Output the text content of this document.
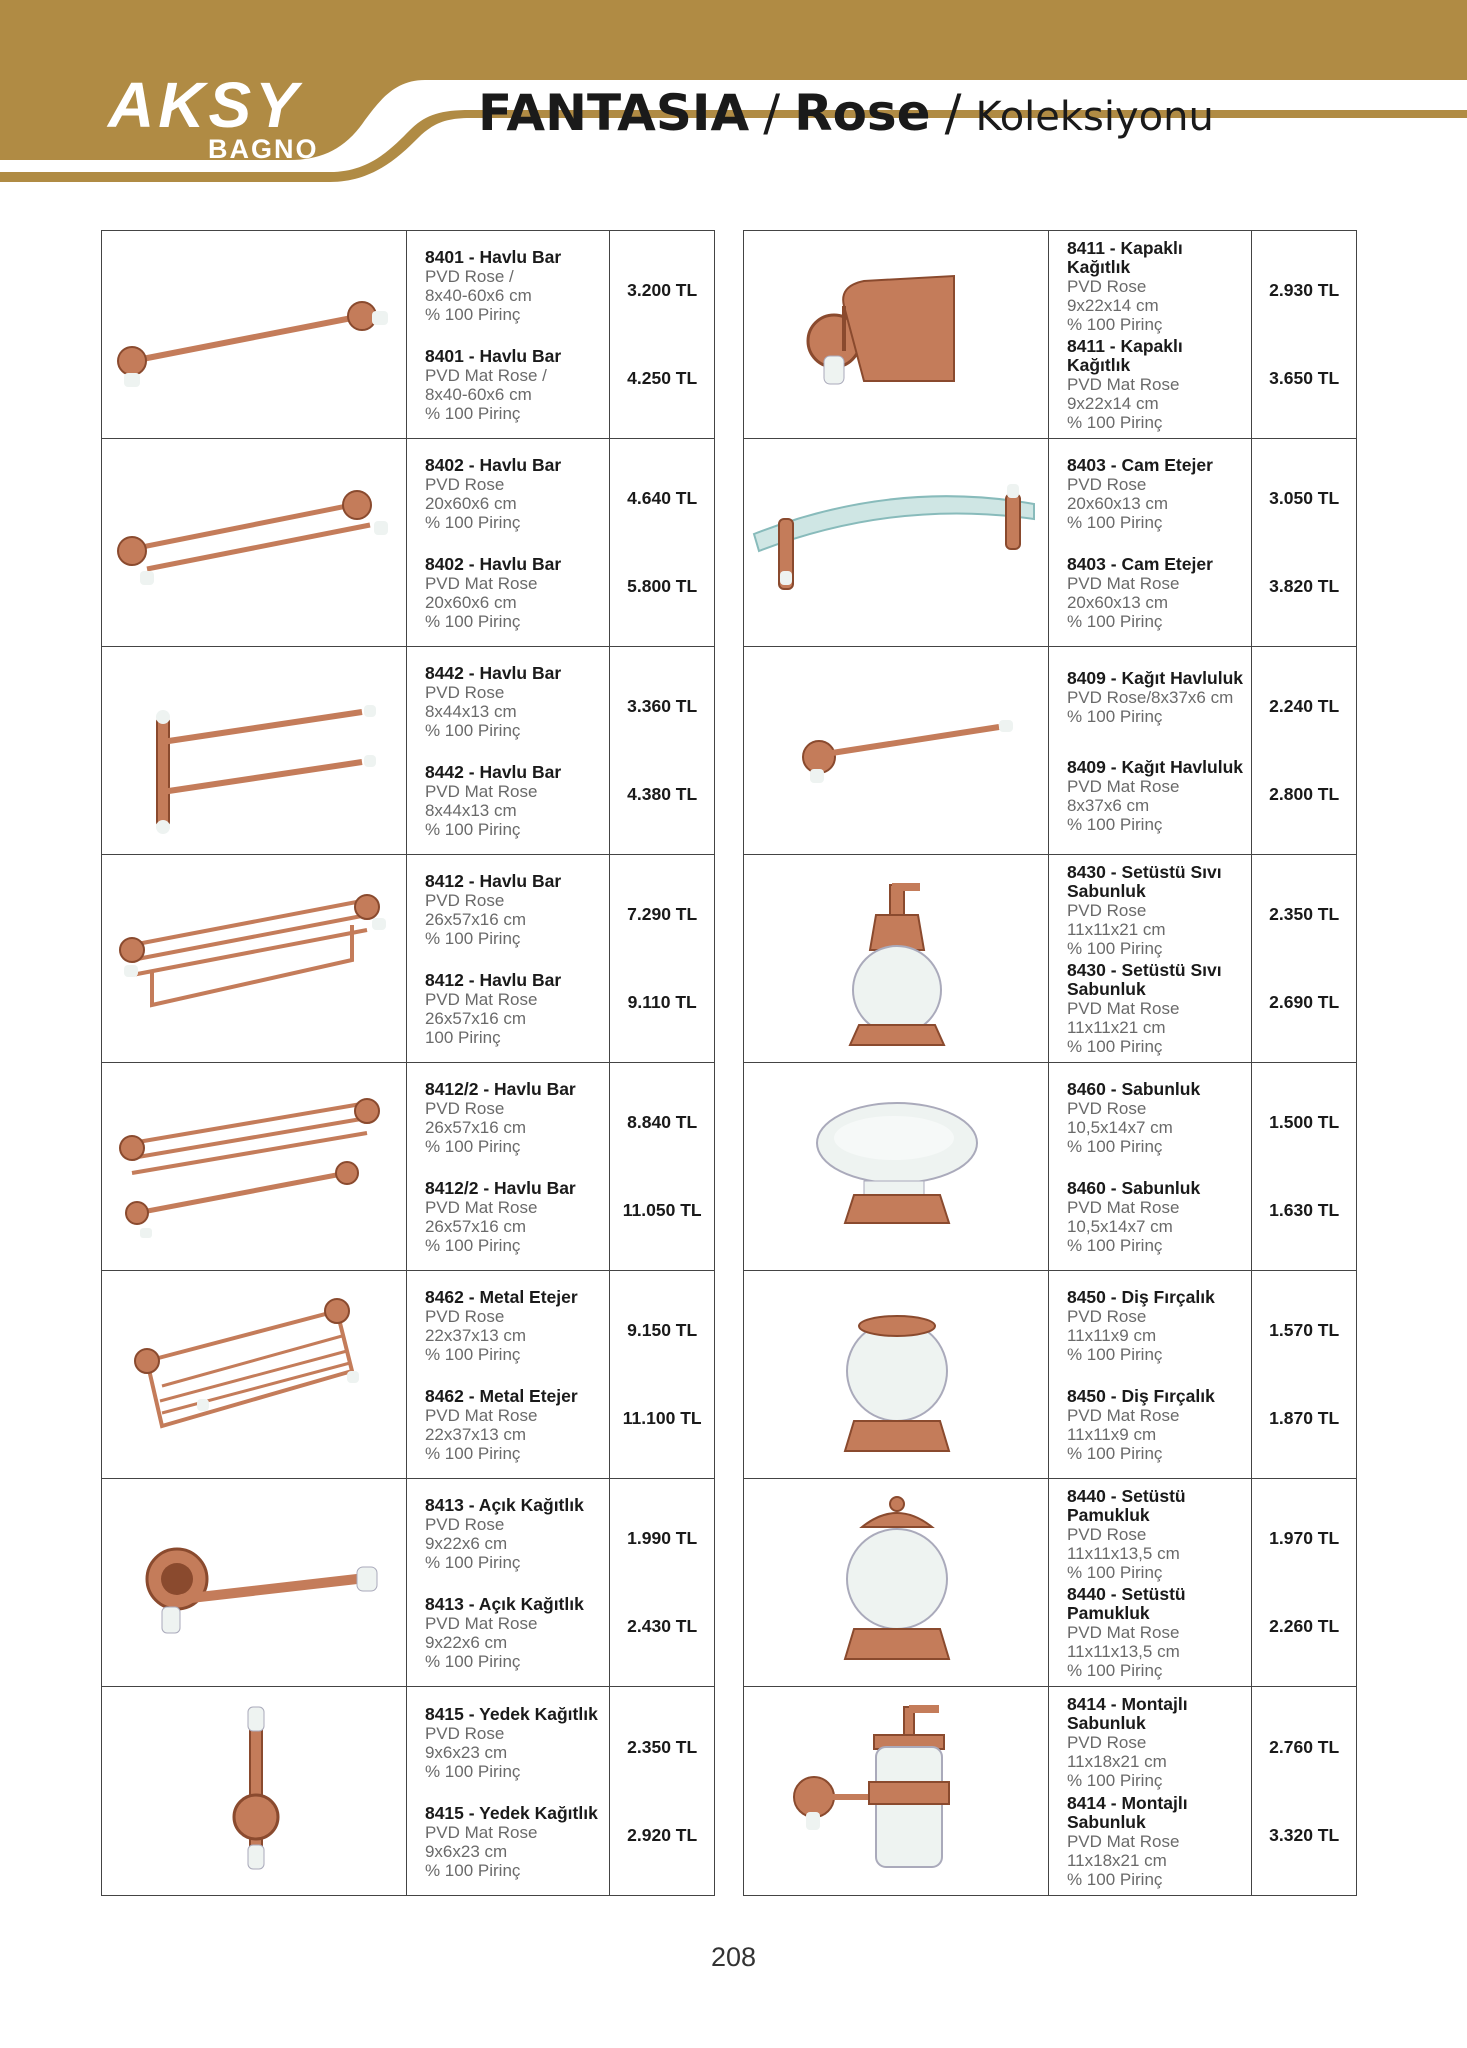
AKSY
BAGNO
FANTASIA / Rose / Koleksiyonu
8401 - Havlu Bar
PVD Rose /
8x40-60x6 cm
% 100 Pirinç
8401 - Havlu Bar
PVD Mat Rose /
8x40-60x6 cm
% 100 Pirinç
3.200 TL
4.250 TL
8402 - Havlu Bar
PVD Rose
20x60x6 cm
% 100 Pirinç
8402 - Havlu Bar
PVD Mat Rose
20x60x6 cm
% 100 Pirinç
4.640 TL
5.800 TL
8442 - Havlu Bar
PVD Rose
8x44x13 cm
% 100 Pirinç
8442 - Havlu Bar
PVD Mat Rose
8x44x13 cm
% 100 Pirinç
3.360 TL
4.380 TL
8412 - Havlu Bar
PVD Rose
26x57x16 cm
% 100 Pirinç
8412 - Havlu Bar
PVD Mat Rose
26x57x16 cm
100 Pirinç
7.290 TL
9.110 TL
8412/2 - Havlu Bar
PVD Rose
26x57x16 cm
% 100 Pirinç
8412/2 - Havlu Bar
PVD Mat Rose
26x57x16 cm
% 100 Pirinç
8.840 TL
11.050 TL
8462 - Metal Etejer
PVD Rose
22x37x13 cm
% 100 Pirinç
8462 - Metal Etejer
PVD Mat Rose
22x37x13 cm
% 100 Pirinç
9.150 TL
11.100 TL
8413 - Açık Kağıtlık
PVD Rose
9x22x6 cm
% 100 Pirinç
8413 - Açık Kağıtlık
PVD Mat Rose
9x22x6 cm
% 100 Pirinç
1.990 TL
2.430 TL
8415 - Yedek Kağıtlık
PVD Rose
9x6x23 cm
% 100 Pirinç
8415 - Yedek Kağıtlık
PVD Mat Rose
9x6x23 cm
% 100 Pirinç
2.350 TL
2.920 TL
8411 - Kapaklı Kağıtlık
PVD Rose
9x22x14 cm
% 100 Pirinç
8411 - Kapaklı Kağıtlık
PVD Mat Rose
9x22x14 cm
% 100 Pirinç
2.930 TL
3.650 TL
8403 - Cam Etejer
PVD Rose
20x60x13 cm
% 100 Pirinç
8403 - Cam Etejer
PVD Mat Rose
20x60x13 cm
% 100 Pirinç
3.050 TL
3.820 TL
8409 - Kağıt Havluluk
PVD Rose/8x37x6 cm
% 100 Pirinç
8409 - Kağıt Havluluk
PVD Mat Rose
8x37x6 cm
% 100 Pirinç
2.240 TL
2.800 TL
8430 - Setüstü Sıvı Sabunluk
PVD Rose
11x11x21 cm
% 100 Pirinç
8430 - Setüstü Sıvı Sabunluk
PVD Mat Rose
11x11x21 cm
% 100 Pirinç
2.350 TL
2.690 TL
8460 - Sabunluk
PVD Rose
10,5x14x7 cm
% 100 Pirinç
8460 - Sabunluk
PVD Mat Rose
10,5x14x7 cm
% 100 Pirinç
1.500 TL
1.630 TL
8450 - Diş Fırçalık
PVD Rose
11x11x9 cm
% 100 Pirinç
8450 - Diş Fırçalık
PVD Mat Rose
11x11x9 cm
% 100 Pirinç
1.570 TL
1.870 TL
8440 - Setüstü Pamukluk
PVD Rose
11x11x13,5 cm
% 100 Pirinç
8440 - Setüstü Pamukluk
PVD Mat Rose
11x11x13,5 cm
% 100 Pirinç
1.970 TL
2.260 TL
8414 - Montajlı Sabunluk
PVD Rose
11x18x21 cm
% 100 Pirinç
8414 - Montajlı Sabunluk
PVD Mat Rose
11x18x21 cm
% 100 Pirinç
2.760 TL
3.320 TL
208
